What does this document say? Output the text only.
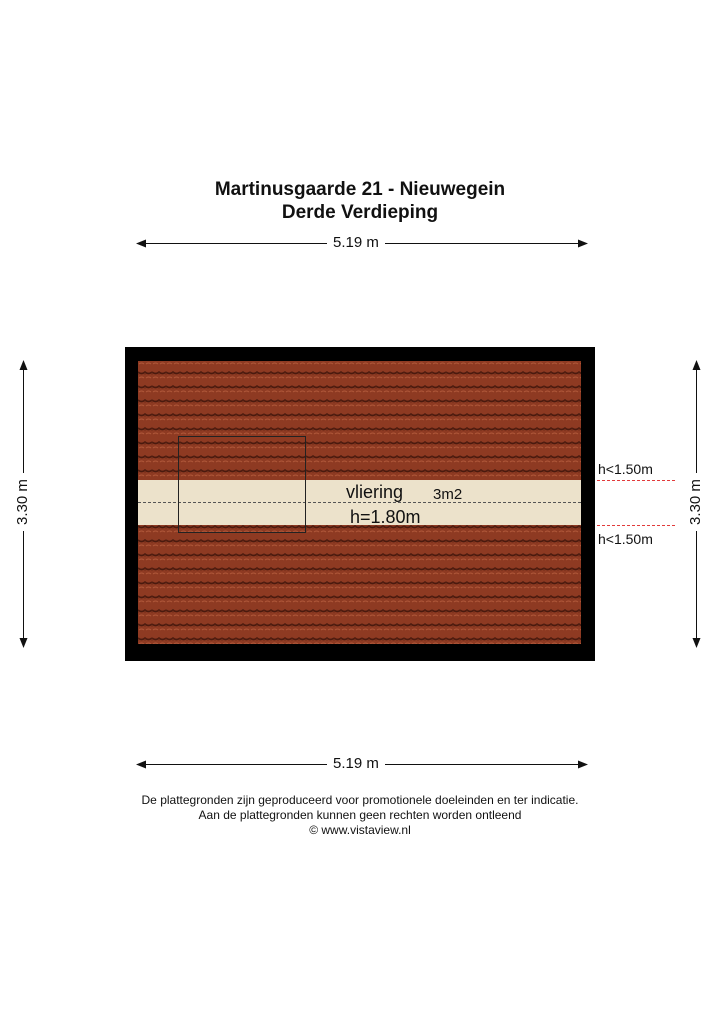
Martinusgaarde 21 - Nieuwegein
Derde Verdieping
5.19 m
5.19 m
3.30 m	3.30 m
vliering 3m2
h=1.80m
h<1.50m
h<1.50m
De plattegronden zijn geproduceerd voor promotionele doeleinden en ter indicatie.
Aan de plattegronden kunnen geen rechten worden ontleend
© www.vistaview.nl
